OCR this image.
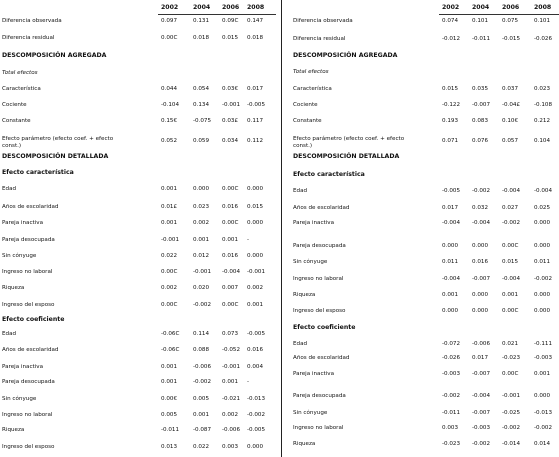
2002 2004 2006 2008
Diferencia observada	0.097	0.131 0.09C 0.147
Diferencia residual	0.00C	0.018 0.015 0.018
DESCOMPOSICIÓN AGREGADA
Total efectos
Característica	0.044	0.054 0.03€ 0.017
Cociente	-0.104 0.134 -0.001 -0.005
Constante	0.15€	-0.075 0.03£ 0.117
Efecto parámetro (efecto coef. + efecto const.)
0.052	0.059 0.034 0.112
DESCOMPOSICIÓN DETALLADA
Efecto característica
Edad	0.001	0.000 0.00C 0.000
Años de escolaridad	0.01£	0.023 0.016 0.015
Pareja inactiva	0.001	0.002 0.00C 0.000
Pareja desocupada	-0.001 0.001 0.001 -
Sin cónyuge	0.022	0.012 0.016 0.000
Ingreso no laboral	0.00C	-0.001 -0.004 -0.001
Riqueza	0.002	0.020 0.007 0.002
Ingreso del esposo	0.00C	-0.002 0.00C 0.001
Efecto coeficiente
Edad	-0.06C 0.114 0.073 -0.005
Años de escolaridad	-0.06C 0.088 -0.052 0.016
Pareja inactiva	0.001	-0.006 -0.001 0.004
Pareja desocupada	0.001	-0.002 0.001 -
Sin cónyuge	0.00€	0.005 -0.021 -0.013
Ingreso no laboral	0.005	0.001 0.002 -0.002
Riqueza	-0.011 -0.087 -0.006 -0.005
Ingreso del esposo	0.013	0.022 0.003 0.000
2002 2004 2006 2008
Diferencia observada	0.074 0.101 0.075	0.101
Diferencia residual	-0.012 -0.011 -0.015 -0.026
DESCOMPOSICIÓN AGREGADA
Total efectos
Característica	0.015 0.035 0.037	0.023
Cociente	-0.122 -0.007 -0.04£ -0.108
Constante	0.193 0.083 0.10€	0.212
Efecto parámetro (efecto coef. + efecto const.)
0.071 0.076 0.057	0.104
DESCOMPOSICIÓN DETALLADA
Efecto característica
Edad	-0.005 -0.002 -0.004 -0.004
Años de escolaridad	0.017 0.032 0.027	0.025
Pareja inactiva	-0.004 -0.004 -0.002 0.000
Pareja desocupada	0.000 0.000 0.00C	0.000
Sin cónyuge	0.011 0.016 0.015	0.011
Ingreso no laboral	-0.004 -0.007 -0.004 -0.002
Riqueza	0.001 0.000 0.001	0.000
Ingreso del esposo	0.000 0.000 0.00C	0.000
Efecto coeficiente
Edad	-0.072 -0.006 0.021	-0.111
Años de escolaridad	-0.026 0.017 -0.023 -0.003
Pareja inactiva	-0.003 -0.007 0.00C	0.001
Pareja desocupada	-0.002 -0.004 -0.001 0.000
Sin cónyuge	-0.011 -0.007 -0.025 -0.013
Ingreso no laboral	0.003 -0.003 -0.002 -0.002
Riqueza	-0.023 -0.002 -0.014 0.014
